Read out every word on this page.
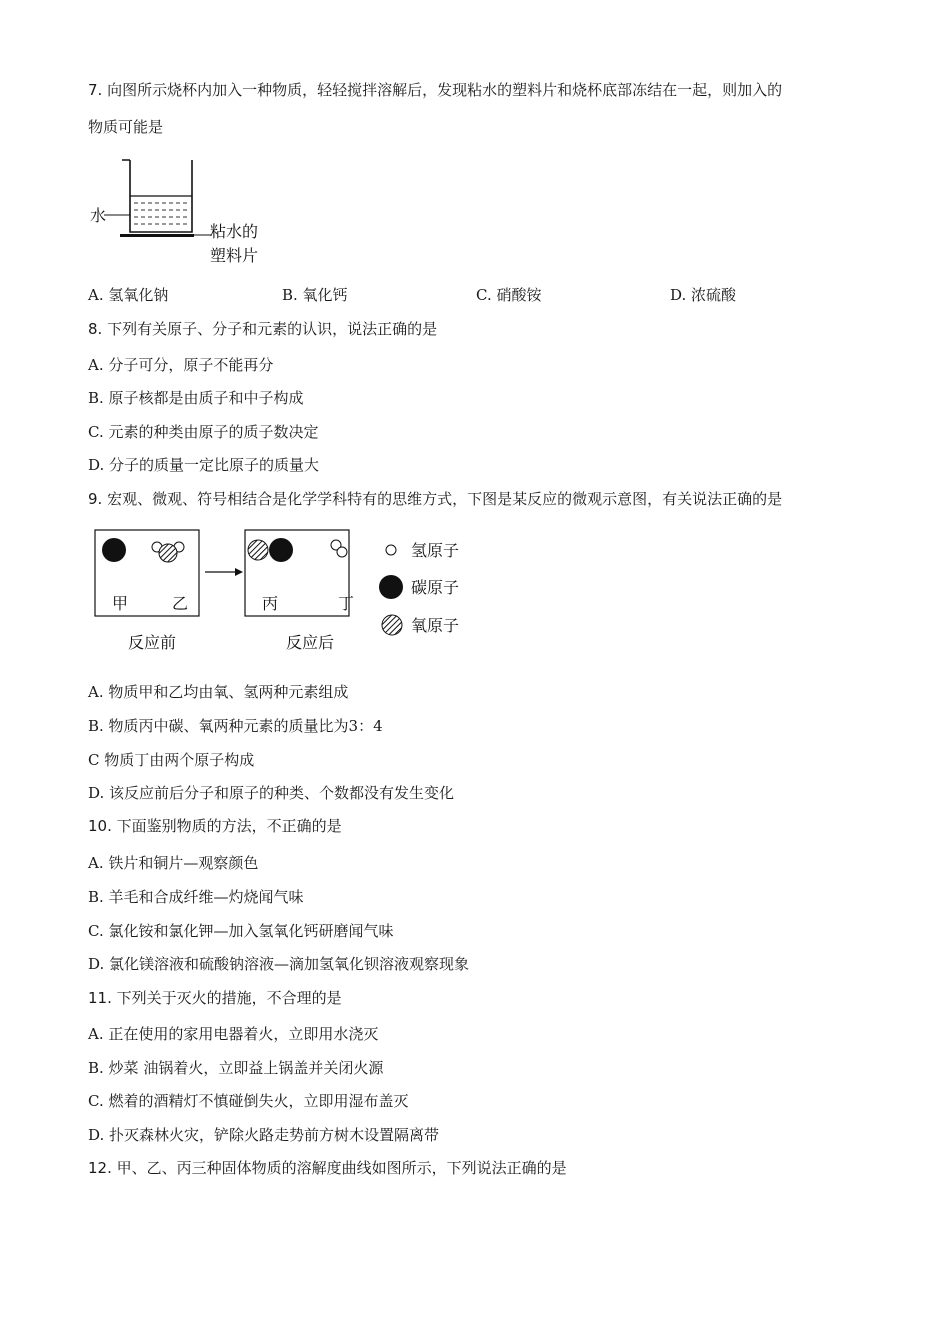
7. 向图所示烧杯内加入一种物质，轻轻搅拌溶解后，发现粘水的塑料片和烧杯底部冻结在一起，则加入的
物质可能是
水
粘水的
塑料片
A. 氢氧化钠	B. 氧化钙	C. 硝酸铵	D. 浓硫酸
8. 下列有关原子、分子和元素的认识，说法正确的是
A. 分子可分，原子不能再分
B. 原子核都是由质子和中子构成
C. 元素的种类由原子的质子数决定
D. 分子的质量一定比原子的质量大
9. 宏观、微观、符号相结合是化学学科特有的思维方式，下图是某反应的微观示意图，有关说法正确的是
甲	乙	丙	丁
反应前	反应后
氢原子
碳原子
氧原子
A. 物质甲和乙均由氧、氢两种元素组成
B. 物质丙中碳、氧两种元素的质量比为3：4
C 物质丁由两个原子构成
D. 该反应前后分子和原子的种类、个数都没有发生变化
10. 下面鉴别物质的方法，不正确的是
A. 铁片和铜片—观察颜色
B. 羊毛和合成纤维—灼烧闻气味
C. 氯化铵和氯化钾—加入氢氧化钙研磨闻气味
D. 氯化镁溶液和硫酸钠溶液—滴加氢氧化钡溶液观察现象
11. 下列关于灭火的措施，不合理的是
A. 正在使用的家用电器着火，立即用水浇灭
B. 炒菜 油锅着火，立即益上锅盖并关闭火源
C. 燃着的酒精灯不慎碰倒失火，立即用湿布盖灭
D. 扑灭森林火灾，铲除火路走势前方树木设置隔离带
12. 甲、乙、丙三种固体物质的溶解度曲线如图所示，下列说法正确的是
